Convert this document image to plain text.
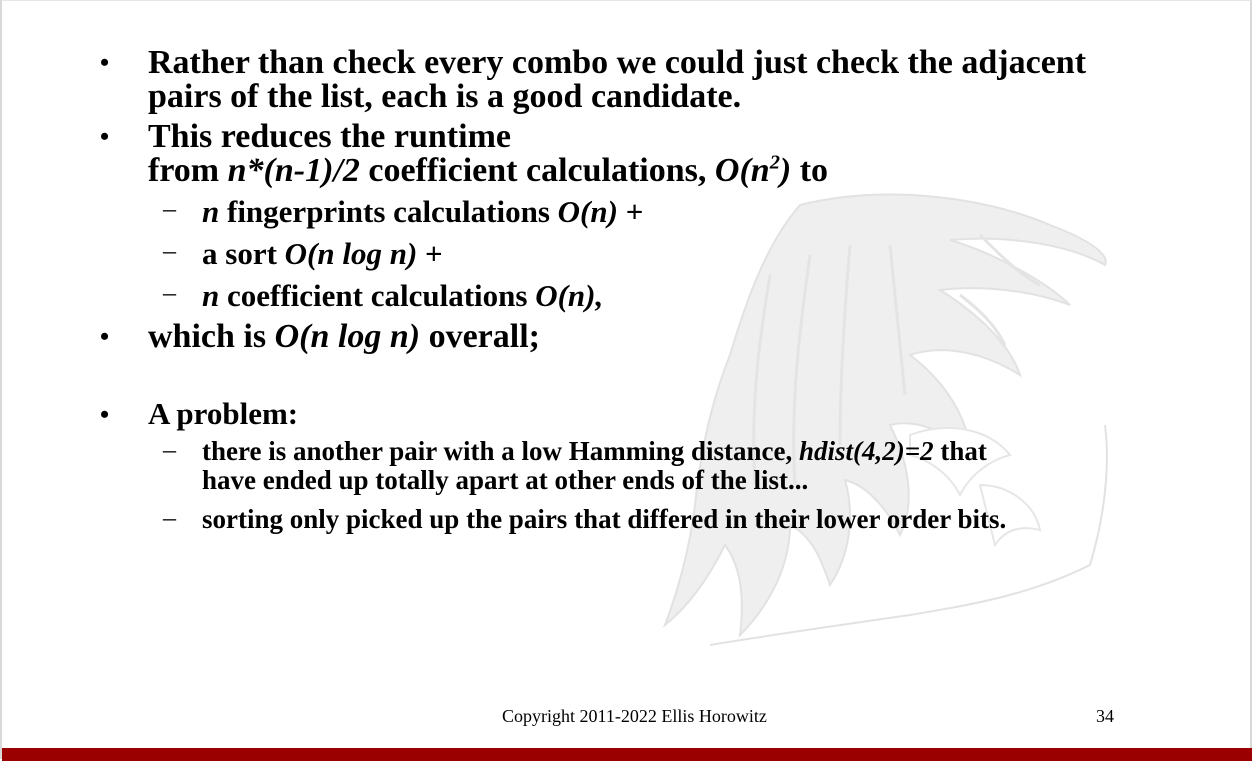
• Rather than check every combo we could just check the adjacent
pairs of the list, each is a good candidate.
• This reduces the runtime
from n*(n-1)/2 coefficient calculations, $O(n^2)$ to
– n fingerprints calculations O(n) +
– a sort O(n log n) +
– n coefficient calculations O(n),
• which is O(n log n) overall;
• A problem:
– there is another pair with a low Hamming distance, hdist(4,2)=2 that
have ended up totally apart at other ends of the list...
– sorting only picked up the pairs that differed in their lower order bits.
Copyright 2011-2022 Ellis Horowitz	34
